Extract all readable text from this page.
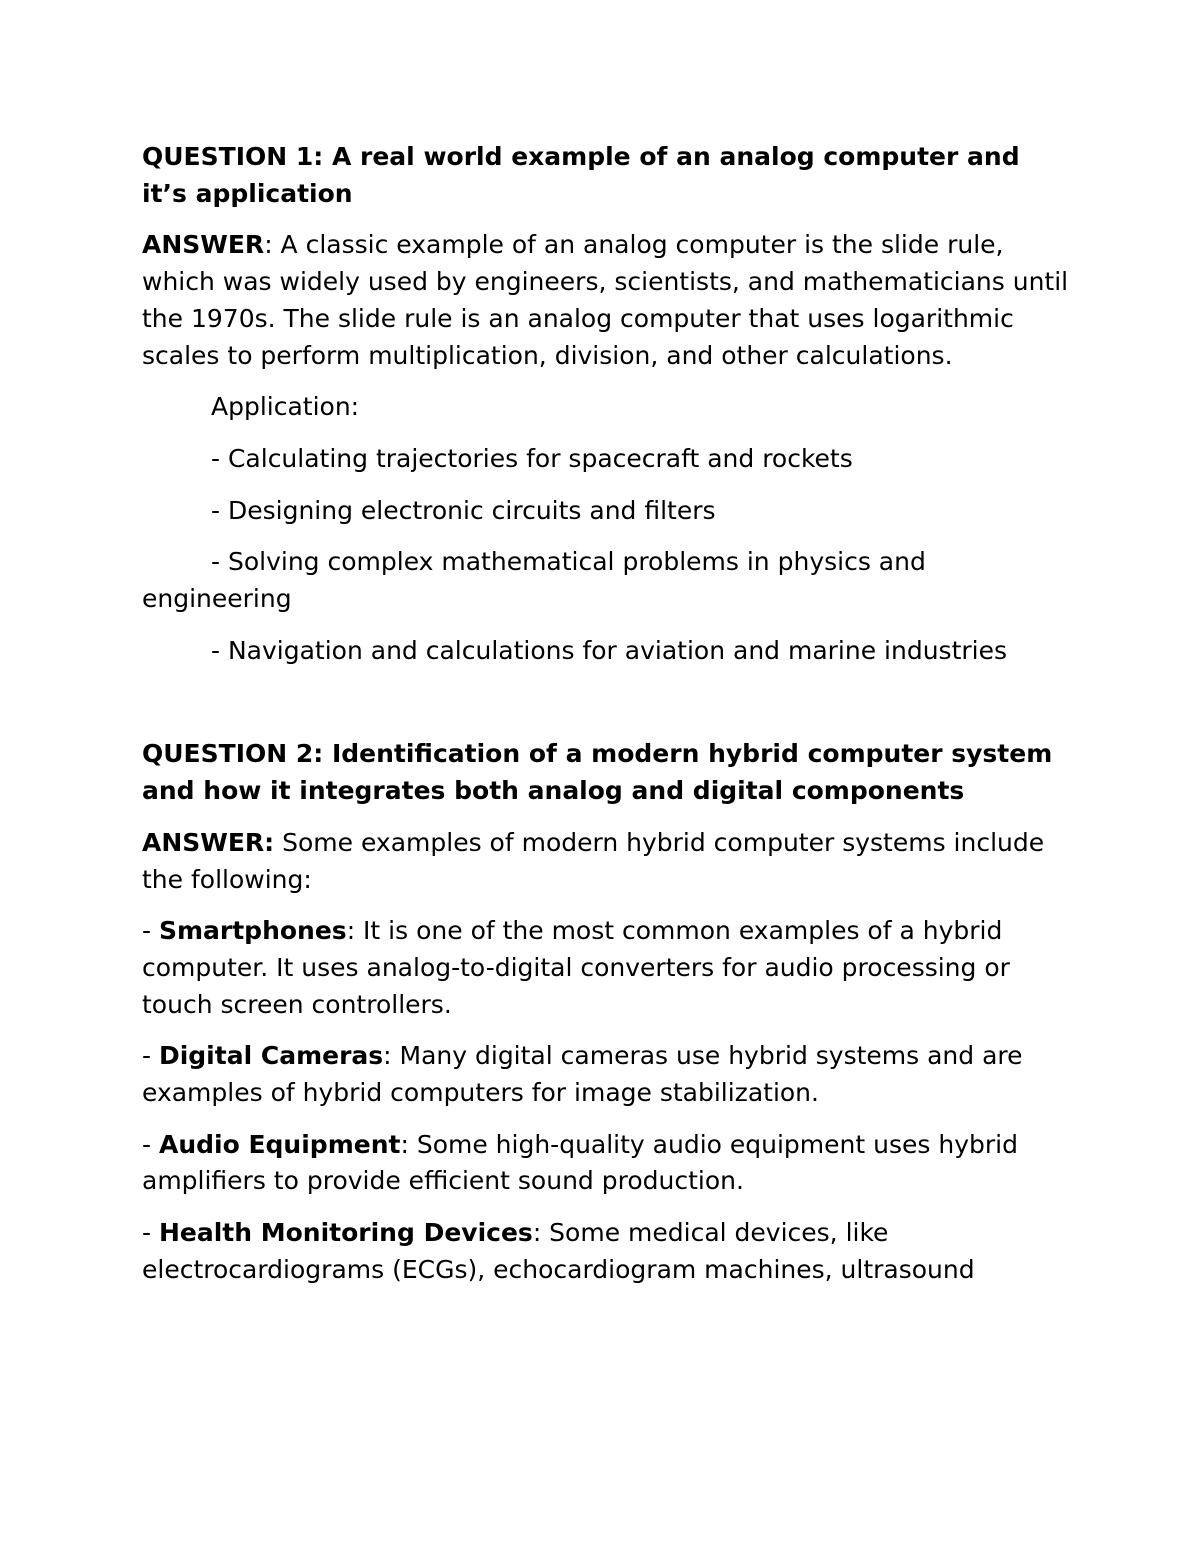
QUESTION 1: A real world example of an analog computer and it’s application

ANSWER: A classic example of an analog computer is the slide rule, which was widely used by engineers, scientists, and mathematicians until the 1970s. The slide rule is an analog computer that uses logarithmic scales to perform multiplication, division, and other calculations.

Application:

- Calculating trajectories for spacecraft and rockets

- Designing electronic circuits and filters

- Solving complex mathematical problems in physics and engineering

- Navigation and calculations for aviation and marine industries

QUESTION 2: Identification of a modern hybrid computer system and how it integrates both analog and digital components

ANSWER: Some examples of modern hybrid computer systems include the following:

- Smartphones: It is one of the most common examples of a hybrid computer. It uses analog-to-digital converters for audio processing or touch screen controllers.

- Digital Cameras: Many digital cameras use hybrid systems and are examples of hybrid computers for image stabilization.

- Audio Equipment: Some high-quality audio equipment uses hybrid amplifiers to provide efficient sound production.

- Health Monitoring Devices: Some medical devices, like electrocardiograms (ECGs), echocardiogram machines, ultrasound
